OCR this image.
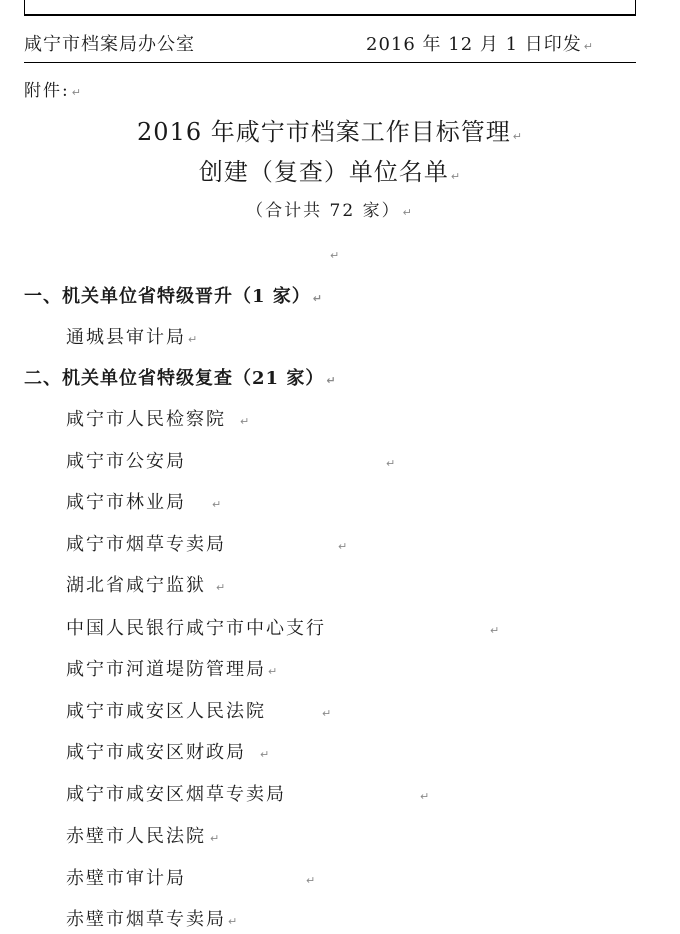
咸宁市档案局办公室	2016 年 12 月 1 日印发 ↵
附件: ↵
2016 年咸宁市档案工作目标管理 ↵
创建（复查）单位名单 ↵
（合计共 72 家） ↵
↵
一、机关单位省特级晋升（1 家） ↵
通城县审计局 ↵
二、机关单位省特级复查（21 家） ↵
咸宁市人民检察院 ↵
咸宁市公安局	↵
咸宁市林业局 ↵
咸宁市烟草专卖局	↵
湖北省咸宁监狱 ↵
中国人民银行咸宁市中心支行	↵
咸宁市河道堤防管理局 ↵
咸宁市咸安区人民法院	↵
咸宁市咸安区财政局 ↵
咸宁市咸安区烟草专卖局	↵
赤壁市人民法院 ↵
赤壁市审计局	↵
赤壁市烟草专卖局 ↵
